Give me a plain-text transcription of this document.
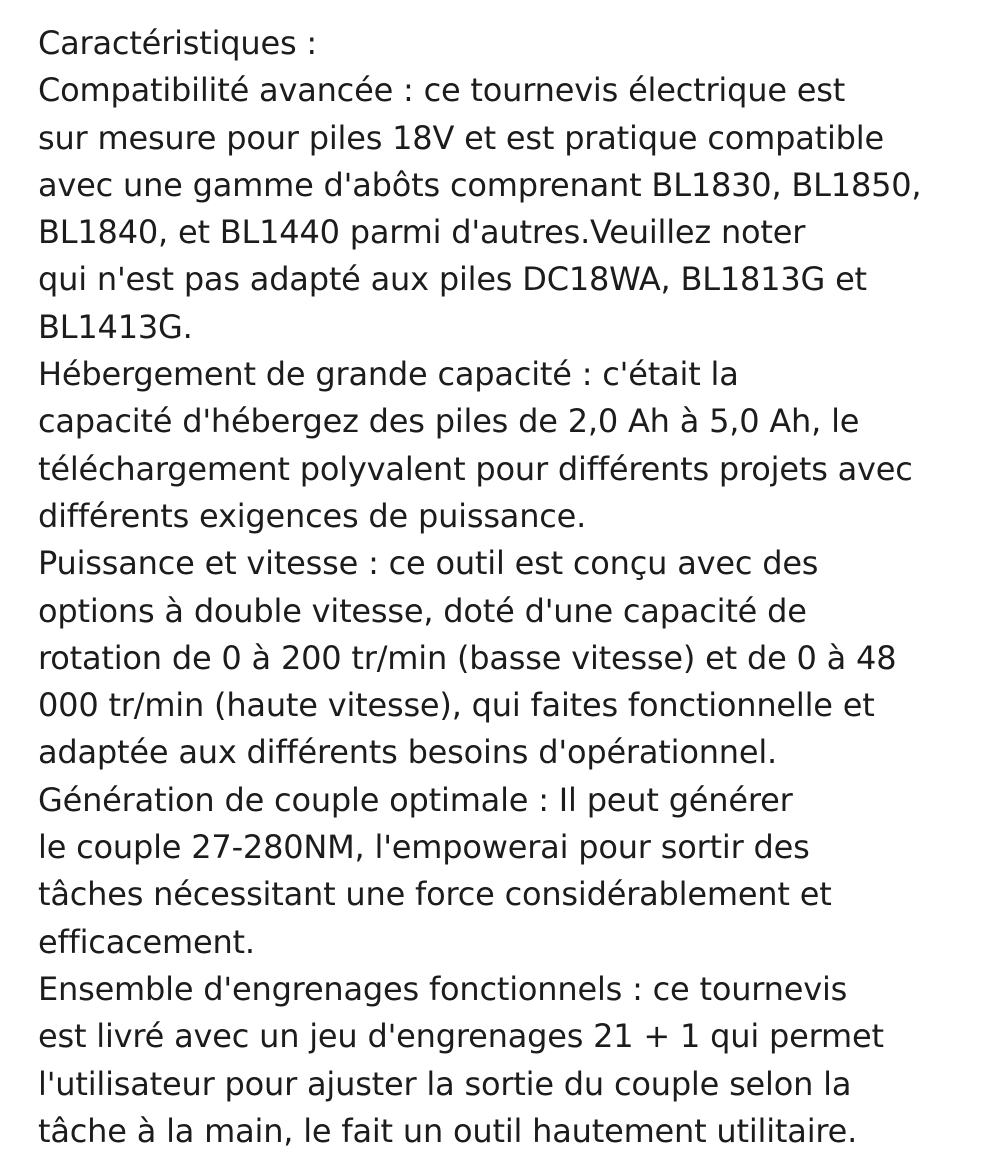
Caractéristiques :
Compatibilité avancée : ce tournevis électrique est
sur mesure pour piles 18V et est pratique compatible
avec une gamme d'abôts comprenant BL1830, BL1850,
BL1840, et BL1440 parmi d'autres.Veuillez noter
qui n'est pas adapté aux piles DC18WA, BL1813G et
BL1413G.
Hébergement de grande capacité : c'était la
capacité d'hébergez des piles de 2,0 Ah à 5,0 Ah, le
téléchargement polyvalent pour différents projets avec
différents exigences de puissance.
Puissance et vitesse : ce outil est conçu avec des
options à double vitesse, doté d'une capacité de
rotation de 0 à 200 tr/min (basse vitesse) et de 0 à 48
000 tr/min (haute vitesse), qui faites fonctionnelle et
adaptée aux différents besoins d'opérationnel.
Génération de couple optimale : Il peut générer
le couple 27-280NM, l'empowerai pour sortir des
tâches nécessitant une force considérablement et
efficacement.
Ensemble d'engrenages fonctionnels : ce tournevis
est livré avec un jeu d'engrenages 21 + 1 qui permet
l'utilisateur pour ajuster la sortie du couple selon la
tâche à la main, le fait un outil hautement utilitaire.
